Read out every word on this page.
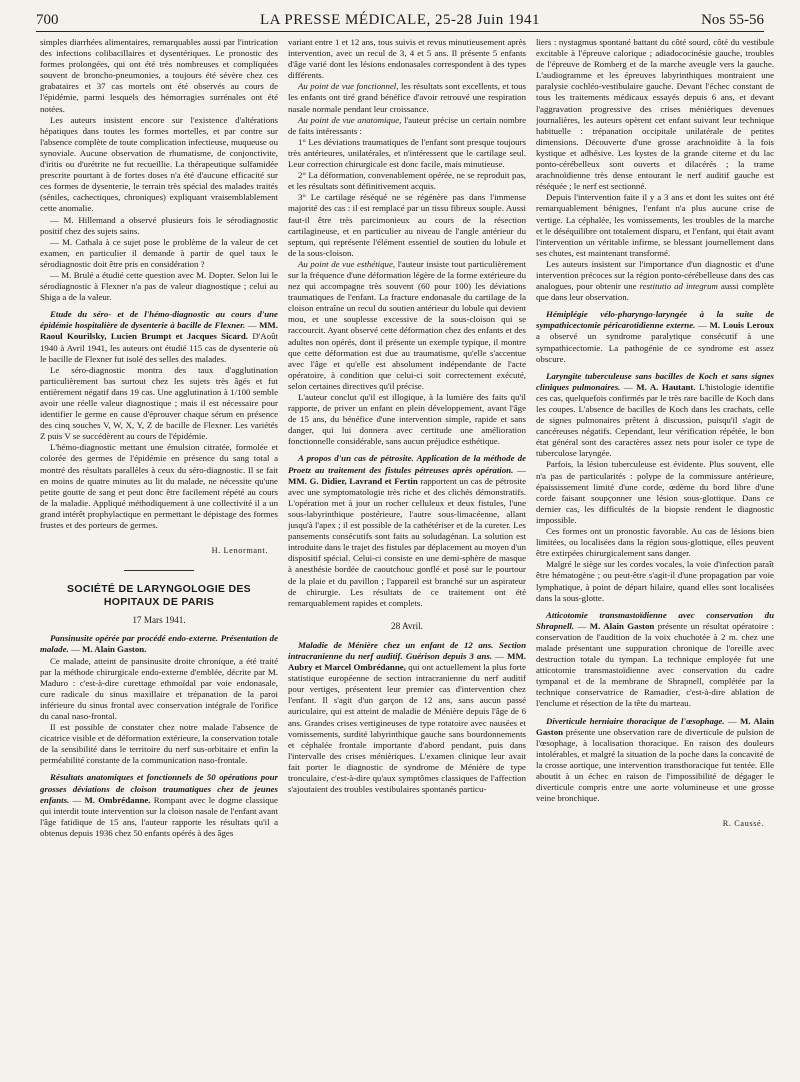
700	LA PRESSE MÉDICALE, 25-28 Juin 1941	Nos 55-56

simples diarrhées alimentaires, remarquables aussi par l'intrication des infections colibacillaires et dysentériques. Le pronostic des formes prolongées, qui ont été très nombreuses et compliquées souvent de broncho-pneumonies, a toujours été sévère chez ces grabataires et 37 cas mortels ont été observés au cours de l'épidémie, parmi lesquels des hémorragies surrénales ont été notées.

Les auteurs insistent encore sur l'existence d'altérations hépatiques dans toutes les formes mortelles, et par contre sur l'absence complète de toute complication infectieuse, muqueuse ou synoviale. Aucune observation de rhumatisme, de conjonctivite, d'iritis ou d'urétrite ne fut recueillie. La thérapeutique sulfamidée prescrite pourtant à de fortes doses n'a été d'aucune efficacité sur ces formes de dysenterie, le terrain très spécial des malades traités (séniles, cachectiques, chroniques) expliquant vraisemblablement cette anomalie.

— M. Hillemand a observé plusieurs fois le sérodiagnostic positif chez des sujets sains.

— M. Cathala à ce sujet pose le problème de la valeur de cet examen, en particulier il demande à partir de quel taux le sérodiagnostic doit être pris en considération ?

— M. Brulé a étudié cette question avec M. Dopter. Selon lui le sérodiagnostic à Flexner n'a pas de valeur diagnostique ; celui au Shiga a de la valeur.

Etude du séro- et de l'hémo-diagnostic au cours d'une épidémie hospitalière de dysenterie à bacille de Flexner. — MM. Raoul Kourilsky, Lucien Brumpt et Jacques Sicard. D'Août 1940 à Avril 1941, les auteurs ont étudié 115 cas de dysenterie où le bacille de Flexner fut isolé des selles des malades.

Le séro-diagnostic montra des taux d'agglutination particulièrement bas surtout chez les sujets très âgés et fut entièrement négatif dans 19 cas. Une agglutination à 1/100 semble avoir une réelle valeur diagnostique ; mais il est nécessaire pour identifier le germe en cause d'éprouver chaque sérum en présence des cinq souches V, W, X, Y, Z de bacille de Flexner. Les variétés Z puis V se succédèrent au cours de l'épidémie.

L'hémo-diagnostic mettant une émulsion citratée, formolée et colorée des germes de l'épidémie en présence du sang total a montré des résultats parallèles à ceux du séro-diagnostic. Il se fait en moins de quatre minutes au lit du malade, ne nécessite qu'une petite goutte de sang et peut donc être facilement répété au cours de la maladie. Appliqué méthodiquement à une collectivité il a un grand intérêt prophylactique en permettant le dépistage des formes frustes et des porteurs de germes.

H. Lenormant.
SOCIÉTÉ DE LARYNGOLOGIE DES HOPITAUX DE PARIS
17 Mars 1941.

Pansinusite opérée par procédé endo-externe. Présentation de malade. — M. Alain Gaston.

Ce malade, atteint de pansinusite droite chronique, a été traité par la méthode chirurgicale endo-externe d'emblée, décrite par M. Maduro : c'est-à-dire curettage ethmoïdal par voie endonasale, cure radicale du sinus maxillaire et trépanation de la paroi inférieure du sinus frontal avec conservation intégrale de l'orifice du canal naso-frontal.

Il est possible de constater chez notre malade l'absence de cicatrice visible et de déformation extérieure, la conservation totale de la sensibilité dans le territoire du nerf sus-orbitaire et enfin la perméabilité constante de la communication naso-frontale.

Résultats anatomiques et fonctionnels de 50 opérations pour grosses déviations de cloison traumatiques chez de jeunes enfants. — M. Ombrédanne. Rompant avec le dogme classique qui interdit toute intervention sur la cloison nasale de l'enfant avant l'âge fatidique de 15 ans, l'auteur rapporte les résultats qu'il a obtenus depuis 1936 chez 50 enfants opérés à des âges

variant entre 1 et 12 ans, tous suivis et revus minutieusement après intervention, avec un recul de 3, 4 et 5 ans. Il présente 5 enfants d'âge varié dont les lésions endonasales correspondent à des types différents.

Au point de vue fonctionnel, les résultats sont excellents, et tous les enfants ont tiré grand bénéfice d'avoir retrouvé une respiration nasale normale pendant leur croissance.

Au point de vue anatomique, l'auteur précise un certain nombre de faits intéressants :

1° Les déviations traumatiques de l'enfant sont presque toujours très antérieures, unilatérales, et n'intéressent que le cartilage seul. Leur correction chirurgicale est donc facile, mais minutieuse.

2° La déformation, convenablement opérée, ne se reproduit pas, et les résultats sont définitivement acquis.

3° Le cartilage réséqué ne se régénère pas dans l'immense majorité des cas : il est remplacé par un tissu fibreux souple. Aussi faut-il être très parcimonieux au cours de la résection cartilagineuse, et en particulier au niveau de l'angle antérieur du septum, qui représente l'élément essentiel de soutien du lobule et de la sous-cloison.

Au point de vue esthétique, l'auteur insiste tout particulièrement sur la fréquence d'une déformation légère de la forme extérieure du nez qui accompagne très souvent (60 pour 100) les déviations traumatiques de l'enfant. La fracture endonasale du cartilage de la cloison entraîne un recul du soutien antérieur du lobule qui devient mou, et une souplesse excessive de la sous-cloison qui se raccourcit. Ayant observé cette déformation chez des enfants et des adultes non opérés, dont il présente un exemple typique, il montre que cette déformation est due au traumatisme, qu'elle s'accentue avec l'âge et qu'elle est absolument indépendante de l'acte opératoire, à condition que celui-ci soit correctement exécuté, selon certaines directives qu'il précise.

L'auteur conclut qu'il est illogique, à la lumière des faits qu'il rapporte, de priver un enfant en plein développement, avant l'âge de 15 ans, du bénéfice d'une intervention simple, rapide et sans danger, qui lui donnera avec certitude une amélioration fonctionnelle considérable, sans aucun préjudice esthétique.

A propos d'un cas de pétrosite. Application de la méthode de Proetz au traitement des fistules pétreuses après opération. — MM. G. Didier, Lavrand et Fertin rapportent un cas de pétrosite avec une symptomatologie très riche et des clichés démonstratifs. L'opération met à jour un rocher celluleux et deux fistules, l'une sous-labyrinthique postérieure, l'autre sous-limacéenne, allant jusqu'à l'apex ; il est possible de la cathétériser et de la cureter. Les pansements consécutifs sont faits au soludagénan. La solution est introduite dans le trajet des fistules par déplacement au moyen d'un dispositif spécial. Celui-ci consiste en une demi-sphère de masque à anesthésie bordée de caoutchouc gonflé et posé sur le pourtour de la plaie et du pavillon ; l'appareil est branché sur un aspirateur de chirurgie. Les résultats de ce traitement ont été remarquablement rapides et complets.

28 Avril.

Maladie de Ménière chez un enfant de 12 ans. Section intracranienne du nerf auditif. Guérison depuis 3 ans. — MM. Aubry et Marcel Ombrédanne, qui ont actuellement la plus forte statistique européenne de section intracranienne du nerf auditif pour vertiges, présentent leur premier cas d'intervention chez l'enfant. Il s'agit d'un garçon de 12 ans, sans aucun passé auriculaire, qui est atteint de maladie de Ménière depuis l'âge de 6 ans. Grandes crises vertigineuses de type rotatoire avec nausées et vomissements, surdité labyrinthique gauche sans bourdonnements et céphalée frontale importante d'abord pendant, puis dans l'intervalle des crises ménièriques. L'examen clinique leur avait fait porter le diagnostic de syndrome de Ménière de type tronculaire, c'est-à-dire qu'aux symptômes classiques de l'affection s'ajoutaient des troubles vestibulaires spontanés particu-

liers : nystagmus spontané battant du côté sourd, côté du vestibule excitable à l'épreuve calorique ; adiadococinésie gauche, troubles de l'épreuve de Romberg et de la marche aveugle vers la gauche. L'audiogramme et les épreuves labyrinthiques montraient une paralysie cochléo-vestibulaire gauche. Devant l'échec constant de tous les traitements médicaux essayés depuis 6 ans, et devant l'aggravation progressive des crises ménièriques devenues journalières, les auteurs opèrent cet enfant suivant leur technique habituelle : trépanation occipitale unilatérale de petites dimensions. Découverte d'une grosse arachnoïdite à la fois kystique et adhésive. Les kystes de la grande citerne et du lac ponto-cérébelleux sont ouverts et dilacérés ; la trame arachnoïdienne très dense entourant le nerf auditif gauche est réséquée ; le nerf est sectionné.

Depuis l'intervention faite il y a 3 ans et dont les suites ont été remarquablement bénignes, l'enfant n'a plus aucune crise de vertige. La céphalée, les vomissements, les troubles de la marche et le déséquilibre ont totalement disparu, et l'enfant, qui était avant l'intervention un véritable infirme, se blessant journellement dans ses chutes, est maintenant transformé.

Les auteurs insistent sur l'importance d'un diagnostic et d'une intervention précoces sur la région ponto-cérébelleuse dans des cas analogues, pour obtenir une restitutio ad integrum aussi complète que dans leur observation.

Hémiplégie vélo-pharyngo-laryngée à la suite de sympathicectomie péricarotidienne externe. — M. Louis Leroux a observé un syndrome paralytique consécutif à une sympathicectomie. La pathogénie de ce syndrome est assez obscure.

Laryngite tuberculeuse sans bacilles de Koch et sans signes cliniques pulmonaires. — M. A. Hautant. L'histologie identifie ces cas, quelquefois confirmés par le très rare bacille de Koch dans les coupes. L'absence de bacilles de Koch dans les crachats, celle de signes pulmonaires prêtent à discussion, puisqu'il s'agit de cancéreuses négatifs. Cependant, leur vérification répétée, le bon état général sont des caractères assez nets pour isoler ce type de tuberculose laryngée.

Parfois, la lésion tuberculeuse est évidente. Plus souvent, elle n'a pas de particularités : polype de la commissure antérieure, épaississement limité d'une corde, œdème du bord libre d'une corde faisant soupçonner une lésion sous-glottique. Dans ce dernier cas, les difficultés de la biopsie rendent le diagnostic impossible.

Ces formes ont un pronostic favorable. Au cas de lésions bien limitées, ou localisées dans la région sous-glottique, elles peuvent être extirpées chirurgicalement sans danger.

Malgré le siège sur les cordes vocales, la voie d'infection paraît être hématogène ; ou peut-être s'agit-il d'une propagation par voie lymphatique, à point de départ hilaire, quand elles sont localisées dans la sous-glotte.

Atticotomie transmastoïdienne avec conservation du Shrapnell. — M. Alain Gaston présente un résultat opératoire : conservation de l'audition de la voix chuchotée à 2 m. chez une malade présentant une suppuration chronique de l'oreille avec destruction totale du tympan. La technique employée fut une atticotomie transmastoïdienne avec conservation du cadre tympanal et de la membrane de Shrapnell, complétée par la technique conservatrice de Ramadier, c'est-à-dire ablation de l'enclume et résection de la tête du marteau.

Diverticule herniaire thoracique de l'œsophage. — M. Alain Gaston présente une observation rare de diverticule de pulsion de l'œsophage, à localisation thoracique. En raison des douleurs intolérables, et malgré la situation de la poche dans la concavité de la crosse aortique, une intervention transthoracique fut tentée. Elle aboutit à un échec en raison de l'impossibilité de dégager le diverticule compris entre une aorte volumineuse et une grosse veine bronchique.

R. Caussé.
